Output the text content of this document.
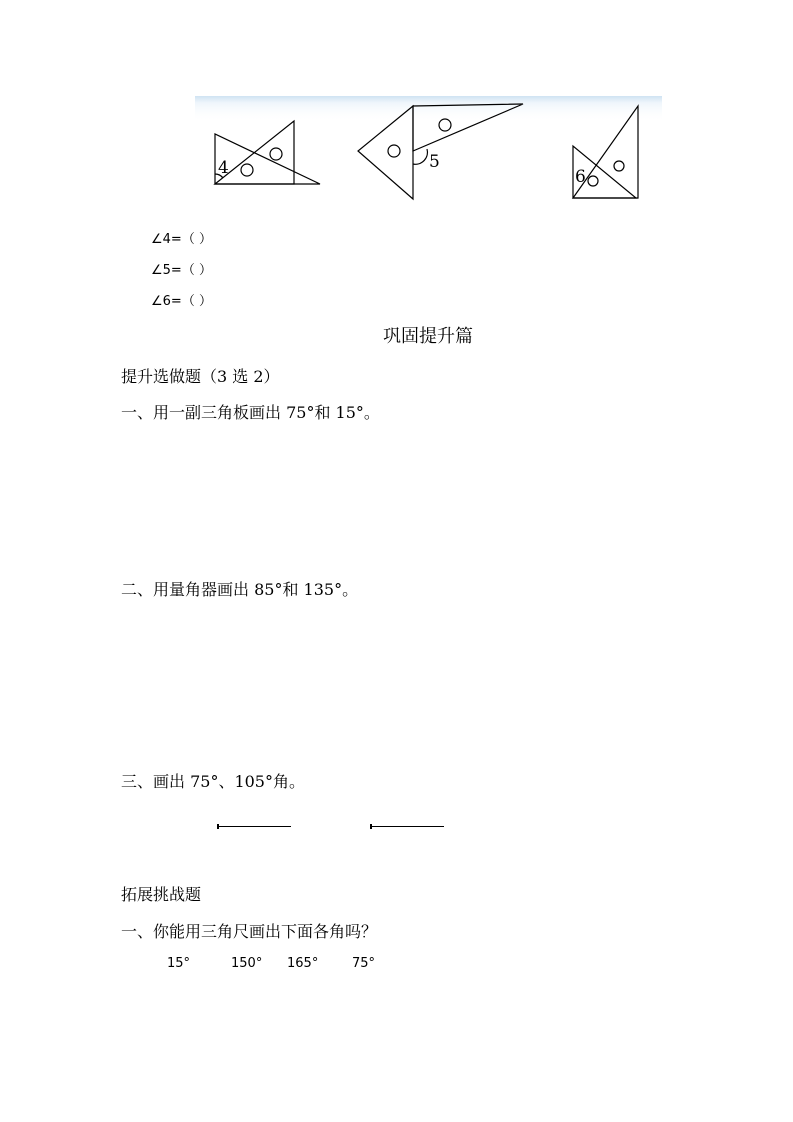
4	5
6
∠4=（ ）
∠5=（ ）
∠6=（ ）
巩固提升篇
提升选做题（3 选 2）
一、用一副三角板画出 75°和 15°。
二、用量角器画出 85°和 135°。
三、画出 75°、105°角。
拓展挑战题
一、你能用三角尺画出下面各角吗？
15°	150° 165°	75°
